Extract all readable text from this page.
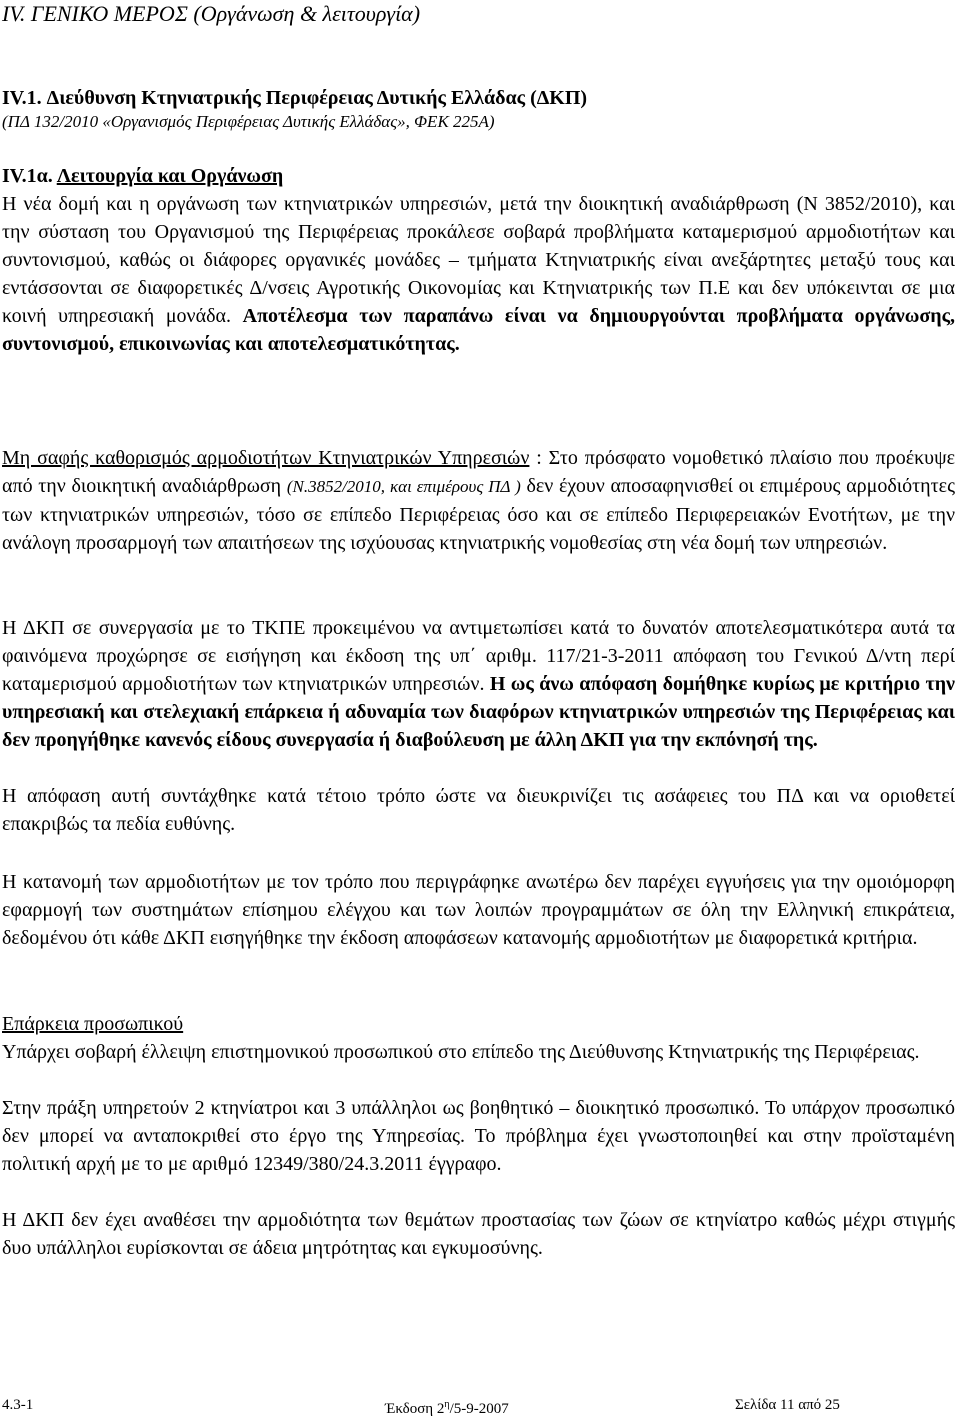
IV. ΓΕΝΙΚΟ ΜΕΡΟΣ (Οργάνωση & λειτουργία)
IV.1. Διεύθυνση Κτηνιατρικής Περιφέρειας Δυτικής Ελλάδας (ΔΚΠ)
(ΠΔ 132/2010 «Οργανισμός Περιφέρειας Δυτικής Ελλάδας», ΦΕΚ 225Α)
IV.1α. Λειτουργία και Οργάνωση
Η νέα δομή και η οργάνωση των κτηνιατρικών υπηρεσιών, μετά την διοικητική αναδιάρθρωση (Ν 3852/2010), και την σύσταση του Οργανισμού της Περιφέρειας προκάλεσε σοβαρά προβλήματα καταμερισμού αρμοδιοτήτων και συντονισμού, καθώς οι διάφορες οργανικές μονάδες – τμήματα Κτηνιατρικής είναι ανεξάρτητες μεταξύ τους και εντάσσονται σε διαφορετικές Δ/νσεις Αγροτικής Οικονομίας και Κτηνιατρικής των Π.Ε και δεν υπόκεινται σε μια κοινή υπηρεσιακή μονάδα. Αποτέλεσμα των παραπάνω είναι να δημιουργούνται προβλήματα οργάνωσης, συντονισμού, επικοινωνίας και αποτελεσματικότητας.
Μη σαφής καθορισμός αρμοδιοτήτων Κτηνιατρικών Υπηρεσιών : Στο πρόσφατο νομοθετικό πλαίσιο που προέκυψε από την διοικητική αναδιάρθρωση (Ν.3852/2010, και επιμέρους ΠΔ ) δεν έχουν αποσαφηνισθεί οι επιμέρους αρμοδιότητες των κτηνιατρικών υπηρεσιών, τόσο σε επίπεδο Περιφέρειας όσο και σε επίπεδο Περιφερειακών Ενοτήτων, με την ανάλογη προσαρμογή των απαιτήσεων της ισχύουσας κτηνιατρικής νομοθεσίας στη νέα δομή των υπηρεσιών.
Η ΔΚΠ σε συνεργασία με το ΤΚΠΕ προκειμένου να αντιμετωπίσει κατά το δυνατόν αποτελεσματικότερα αυτά τα φαινόμενα προχώρησε σε εισήγηση και έκδοση της υπ΄ αριθμ. 117/21-3-2011 απόφαση του Γενικού Δ/ντη περί καταμερισμού αρμοδιοτήτων των κτηνιατρικών υπηρεσιών. Η ως άνω απόφαση δομήθηκε κυρίως με κριτήριο την υπηρεσιακή και στελεχιακή επάρκεια ή αδυναμία των διαφόρων κτηνιατρικών υπηρεσιών της Περιφέρειας και δεν προηγήθηκε κανενός είδους συνεργασία ή διαβούλευση με άλλη ΔΚΠ για την εκπόνησή της.
Η απόφαση αυτή συντάχθηκε κατά τέτοιο τρόπο ώστε να διευκρινίζει τις ασάφειες του ΠΔ και να οριοθετεί επακριβώς τα πεδία ευθύνης.
Η κατανομή των αρμοδιοτήτων με τον τρόπο που περιγράφηκε ανωτέρω δεν παρέχει εγγυήσεις για την ομοιόμορφη εφαρμογή των συστημάτων επίσημου ελέγχου και των λοιπών προγραμμάτων σε όλη την Ελληνική επικράτεια, δεδομένου ότι κάθε ΔΚΠ εισηγήθηκε την έκδοση αποφάσεων κατανομής αρμοδιοτήτων με διαφορετικά κριτήρια.
Επάρκεια προσωπικού
Υπάρχει σοβαρή έλλειψη επιστημονικού προσωπικού στο επίπεδο της Διεύθυνσης Κτηνιατρικής της Περιφέρειας.
Στην πράξη υπηρετούν 2 κτηνίατροι και 3 υπάλληλοι ως βοηθητικό – διοικητικό προσωπικό. Το υπάρχον προσωπικό δεν μπορεί να ανταποκριθεί στο έργο της Υπηρεσίας. Το πρόβλημα έχει γνωστοποιηθεί και στην προϊσταμένη πολιτική αρχή με το με αριθμό 12349/380/24.3.2011 έγγραφο.
Η ΔΚΠ δεν έχει αναθέσει την αρμοδιότητα των θεμάτων προστασίας των ζώων σε κτηνίατρο καθώς μέχρι στιγμής δυο υπάλληλοι ευρίσκονται σε άδεια μητρότητας και εγκυμοσύνης.
4.3-1	Έκδοση $2^\eta/5-9-2007$	Σελίδα 11 από 25
